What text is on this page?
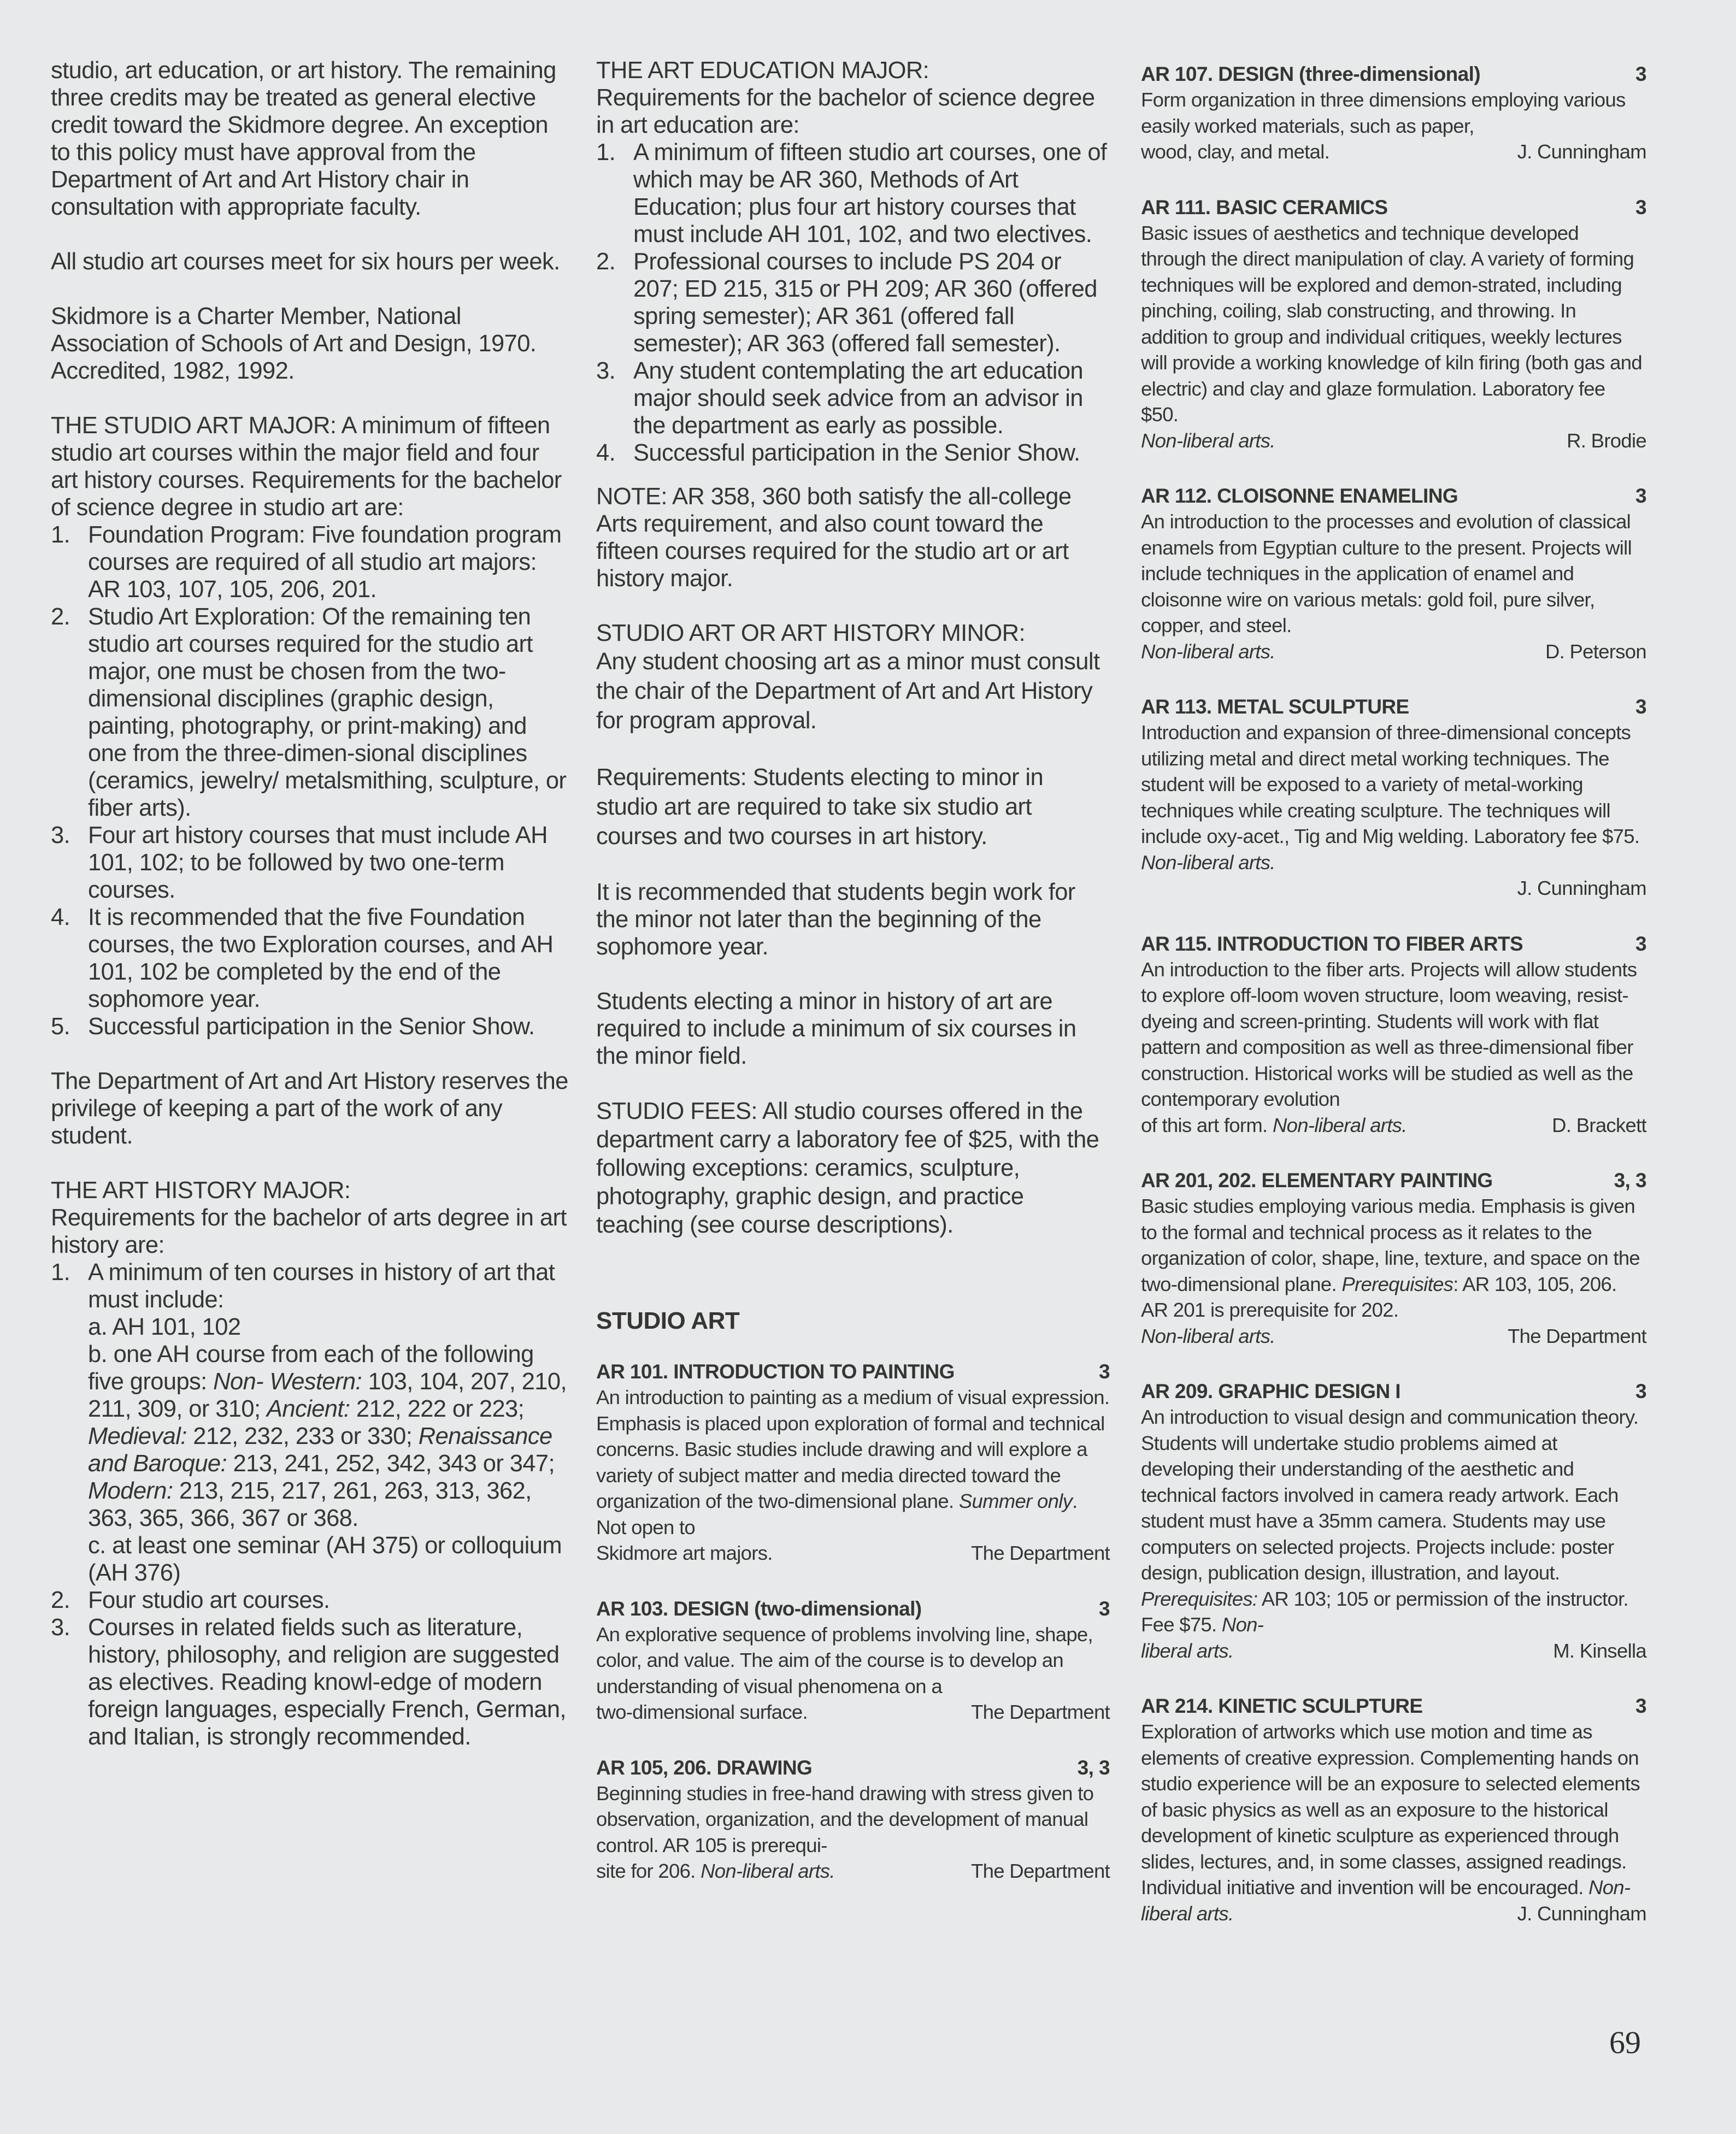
studio, art education, or art history. The remaining three credits may be treated as general elective credit toward the Skidmore degree. An exception to this policy must have approval from the Department of Art and Art History chair in consultation with appropriate faculty.

All studio art courses meet for six hours per week.

Skidmore is a Charter Member, National Association of Schools of Art and Design, 1970. Accredited, 1982, 1992.

THE STUDIO ART MAJOR: A minimum of fifteen studio art courses within the major field and four art history courses. Requirements for the bachelor of science degree in studio art are:

1. Foundation Program: Five foundation program courses are required of all studio art majors: AR 103, 107, 105, 206, 201.
2. Studio Art Exploration: Of the remaining ten studio art courses required for the studio art major, one must be chosen from the two-dimensional disciplines (graphic design, painting, photography, or print-making) and one from the three-dimen-sional disciplines (ceramics, jewelry/ metalsmithing, sculpture, or fiber arts).
3. Four art history courses that must include AH 101, 102; to be followed by two one-term courses.
4. It is recommended that the five Foundation courses, the two Exploration courses, and AH 101, 102 be completed by the end of the sophomore year.
5. Successful participation in the Senior Show.

The Department of Art and Art History reserves the privilege of keeping a part of the work of any student.

THE ART HISTORY MAJOR:

Requirements for the bachelor of arts degree in art history are:

1. A minimum of ten courses in history of art that must include:
a. AH 101, 102
b. one AH course from each of the following five groups: Non- Western: 103, 104, 207, 210, 211, 309, or 310; Ancient: 212, 222 or 223; Medieval: 212, 232, 233 or 330; Renaissance and Baroque: 213, 241, 252, 342, 343 or 347; Modern: 213, 215, 217, 261, 263, 313, 362, 363, 365, 366, 367 or 368.
c. at least one seminar (AH 375) or colloquium (AH 376)
2. Four studio art courses.
3. Courses in related fields such as literature, history, philosophy, and religion are suggested as electives. Reading knowl-edge of modern foreign languages, especially French, German, and Italian, is strongly recommended.

THE ART EDUCATION MAJOR:

Requirements for the bachelor of science degree in art education are:

1. A minimum of fifteen studio art courses, one of which may be AR 360, Methods of Art Education; plus four art history courses that must include AH 101, 102, and two electives.
2. Professional courses to include PS 204 or 207; ED 215, 315 or PH 209; AR 360 (offered spring semester); AR 361 (offered fall semester); AR 363 (offered fall semester).
3. Any student contemplating the art education major should seek advice from an advisor in the department as early as possible.
4. Successful participation in the Senior Show.

NOTE: AR 358, 360 both satisfy the all-college Arts requirement, and also count toward the fifteen courses required for the studio art or art history major.

STUDIO ART OR ART HISTORY MINOR:

Any student choosing art as a minor must consult the chair of the Department of Art and Art History for program approval.

Requirements: Students electing to minor in studio art are required to take six studio art courses and two courses in art history.

It is recommended that students begin work for the minor not later than the beginning of the sophomore year.

Students electing a minor in history of art are required to include a minimum of six courses in the minor field.

STUDIO FEES: All studio courses offered in the department carry a laboratory fee of $25, with the following exceptions: ceramics, sculpture, photography, graphic design, and practice teaching (see course descriptions).

STUDIO ART

AR 101. INTRODUCTION TO PAINTING	3
An introduction to painting as a medium of visual expression. Emphasis is placed upon exploration of formal and technical concerns. Basic studies include drawing and will explore a variety of subject matter and media directed toward the organization of the two-dimensional plane. Summer only. Not open to
Skidmore art majors.	The Department
AR 103. DESIGN (two-dimensional)	3
An explorative sequence of problems involving line, shape, color, and value. The aim of the course is to develop an understanding of visual phenomena on a
two-dimensional surface.	The Department
AR 105, 206. DRAWING	3, 3
Beginning studies in free-hand drawing with stress given to observation, organization, and the development of manual control. AR 105 is prerequi-
site for 206. Non-liberal arts.	The Department
AR 107. DESIGN (three-dimensional)	3
Form organization in three dimensions employing various easily worked materials, such as paper,
wood, clay, and metal.	J. Cunningham
AR 111. BASIC CERAMICS	3
Basic issues of aesthetics and technique developed through the direct manipulation of clay. A variety of forming techniques will be explored and demon-strated, including pinching, coiling, slab constructing, and throwing. In addition to group and individual critiques, weekly lectures will provide a working knowledge of kiln firing (both gas and electric) and clay and glaze formulation. Laboratory fee $50.
Non-liberal arts.	R. Brodie
AR 112. CLOISONNE ENAMELING	3
An introduction to the processes and evolution of classical enamels from Egyptian culture to the present. Projects will include techniques in the application of enamel and cloisonne wire on various metals: gold foil, pure silver, copper, and steel.
Non-liberal arts.	D. Peterson
AR 113. METAL SCULPTURE	3
Introduction and expansion of three-dimensional concepts utilizing metal and direct metal working techniques. The student will be exposed to a variety of metal-working techniques while creating sculpture. The techniques will include oxy-acet., Tig and Mig welding. Laboratory fee $75. Non-liberal arts.
J. Cunningham
AR 115. INTRODUCTION TO FIBER ARTS	3
An introduction to the fiber arts. Projects will allow students to explore off-loom woven structure, loom weaving, resist-dyeing and screen-printing. Students will work with flat pattern and composition as well as three-dimensional fiber construction. Historical works will be studied as well as the contemporary evolution
of this art form. Non-liberal arts.	D. Brackett
AR 201, 202. ELEMENTARY PAINTING	3, 3
Basic studies employing various media. Emphasis is given to the formal and technical process as it relates to the organization of color, shape, line, texture, and space on the two-dimensional plane. Prerequisites: AR 103, 105, 206. AR 201 is prerequisite for 202.
Non-liberal arts.	The Department
AR 209. GRAPHIC DESIGN I	3
An introduction to visual design and communication theory. Students will undertake studio problems aimed at developing their understanding of the aesthetic and technical factors involved in camera ready artwork. Each student must have a 35mm camera. Students may use computers on selected projects. Projects include: poster design, publication design, illustration, and layout. Prerequisites: AR 103; 105 or permission of the instructor. Fee $75. Non-
liberal arts.	M. Kinsella
AR 214. KINETIC SCULPTURE	3
Exploration of artworks which use motion and time as elements of creative expression. Complementing hands on studio experience will be an exposure to selected elements of basic physics as well as an exposure to the historical development of kinetic sculpture as experienced through slides, lectures, and, in some classes, assigned readings. Individual initiative and invention will be encouraged. Non-
liberal arts.	J. Cunningham
69
